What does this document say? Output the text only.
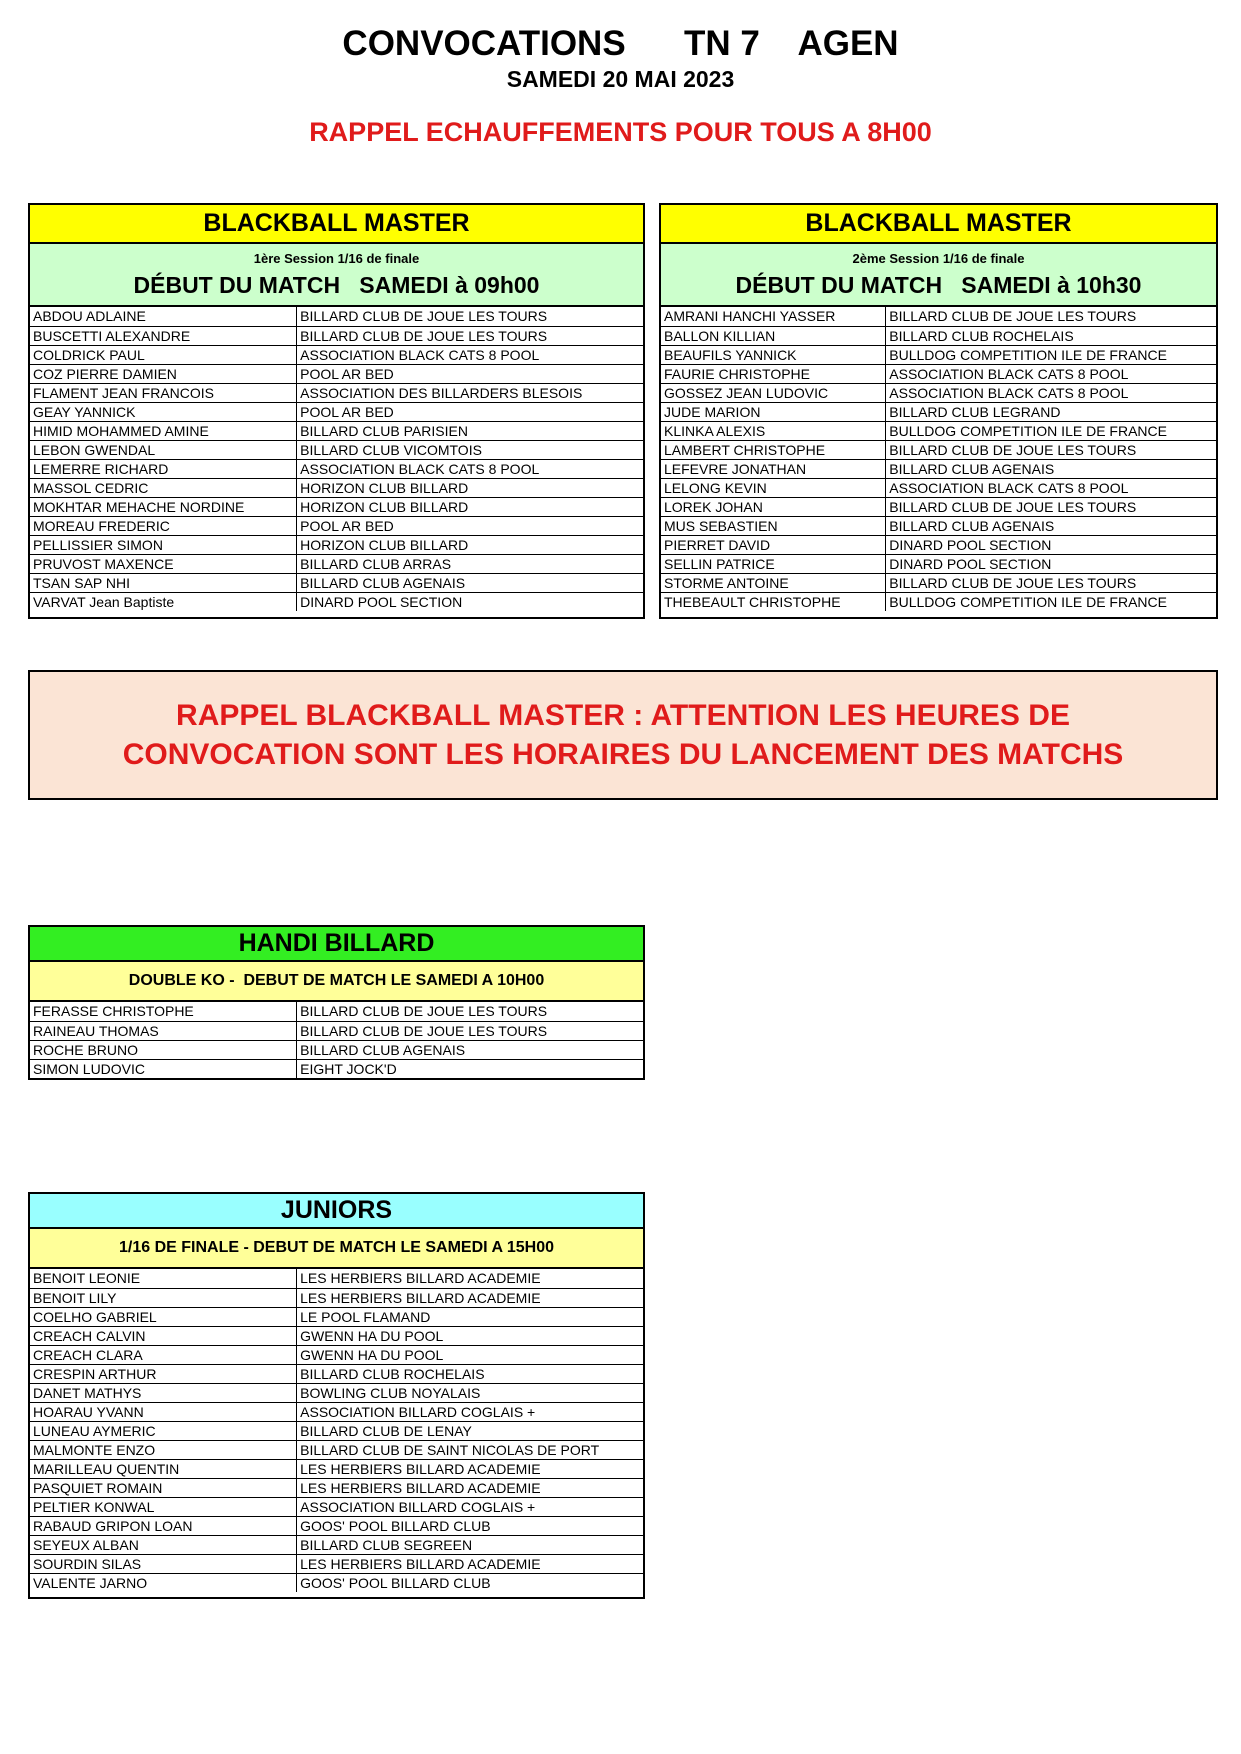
CONVOCATIONS      TN 7    AGEN
SAMEDI 20 MAI 2023
RAPPEL ECHAUFFEMENTS POUR TOUS A 8H00
BLACKBALL MASTER
1ère Session 1/16 de finale
DÉBUT DU MATCH   SAMEDI à 09h00
ABDOU ADLAINE	BILLARD CLUB DE JOUE LES TOURS
BUSCETTI ALEXANDRE	BILLARD CLUB DE JOUE LES TOURS
COLDRICK PAUL	ASSOCIATION BLACK CATS 8 POOL
COZ PIERRE DAMIEN	POOL AR BED
FLAMENT JEAN FRANCOIS	ASSOCIATION DES BILLARDERS BLESOIS
GEAY YANNICK	POOL AR BED
HIMID MOHAMMED AMINE	BILLARD CLUB PARISIEN
LEBON GWENDAL	BILLARD CLUB VICOMTOIS
LEMERRE RICHARD	ASSOCIATION BLACK CATS 8 POOL
MASSOL CEDRIC	HORIZON CLUB BILLARD
MOKHTAR MEHACHE NORDINE	HORIZON CLUB BILLARD
MOREAU FREDERIC	POOL AR BED
PELLISSIER SIMON	HORIZON CLUB BILLARD
PRUVOST MAXENCE	BILLARD CLUB ARRAS
TSAN SAP NHI	BILLARD CLUB AGENAIS
VARVAT Jean Baptiste	DINARD POOL SECTION
BLACKBALL MASTER
2ème Session 1/16 de finale
DÉBUT DU MATCH   SAMEDI à 10h30
AMRANI HANCHI YASSER	BILLARD CLUB DE JOUE LES TOURS
BALLON KILLIAN	BILLARD CLUB ROCHELAIS
BEAUFILS YANNICK	BULLDOG COMPETITION ILE DE FRANCE
FAURIE CHRISTOPHE	ASSOCIATION BLACK CATS 8 POOL
GOSSEZ JEAN LUDOVIC	ASSOCIATION BLACK CATS 8 POOL
JUDE MARION	BILLARD CLUB LEGRAND
KLINKA ALEXIS	BULLDOG COMPETITION ILE DE FRANCE
LAMBERT CHRISTOPHE	BILLARD CLUB DE JOUE LES TOURS
LEFEVRE JONATHAN	BILLARD CLUB AGENAIS
LELONG KEVIN	ASSOCIATION BLACK CATS 8 POOL
LOREK JOHAN	BILLARD CLUB DE JOUE LES TOURS
MUS SEBASTIEN	BILLARD CLUB AGENAIS
PIERRET DAVID	DINARD POOL SECTION
SELLIN PATRICE	DINARD POOL SECTION
STORME ANTOINE	BILLARD CLUB DE JOUE LES TOURS
THEBEAULT CHRISTOPHE	BULLDOG COMPETITION ILE DE FRANCE
RAPPEL BLACKBALL MASTER : ATTENTION LES HEURES DE
CONVOCATION SONT LES HORAIRES DU LANCEMENT DES MATCHS
HANDI BILLARD
DOUBLE KO -  DEBUT DE MATCH LE SAMEDI A 10H00
FERASSE CHRISTOPHE	BILLARD CLUB DE JOUE LES TOURS
RAINEAU THOMAS	BILLARD CLUB DE JOUE LES TOURS
ROCHE BRUNO	BILLARD CLUB AGENAIS
SIMON LUDOVIC	EIGHT JOCK'D
JUNIORS
1/16 DE FINALE - DEBUT DE MATCH LE SAMEDI A 15H00
BENOIT LEONIE	LES HERBIERS BILLARD ACADEMIE
BENOIT LILY	LES HERBIERS BILLARD ACADEMIE
COELHO GABRIEL	LE POOL FLAMAND
CREACH CALVIN	GWENN HA DU POOL
CREACH CLARA	GWENN HA DU POOL
CRESPIN ARTHUR	BILLARD CLUB ROCHELAIS
DANET MATHYS	BOWLING CLUB NOYALAIS
HOARAU YVANN	ASSOCIATION BILLARD COGLAIS +
LUNEAU AYMERIC	BILLARD CLUB DE LENAY
MALMONTE ENZO	BILLARD CLUB DE SAINT NICOLAS DE PORT
MARILLEAU QUENTIN	LES HERBIERS BILLARD ACADEMIE
PASQUIET ROMAIN	LES HERBIERS BILLARD ACADEMIE
PELTIER KONWAL	ASSOCIATION BILLARD COGLAIS +
RABAUD GRIPON LOAN	GOOS' POOL BILLARD CLUB
SEYEUX ALBAN	BILLARD CLUB SEGREEN
SOURDIN SILAS	LES HERBIERS BILLARD ACADEMIE
VALENTE JARNO	GOOS' POOL BILLARD CLUB
